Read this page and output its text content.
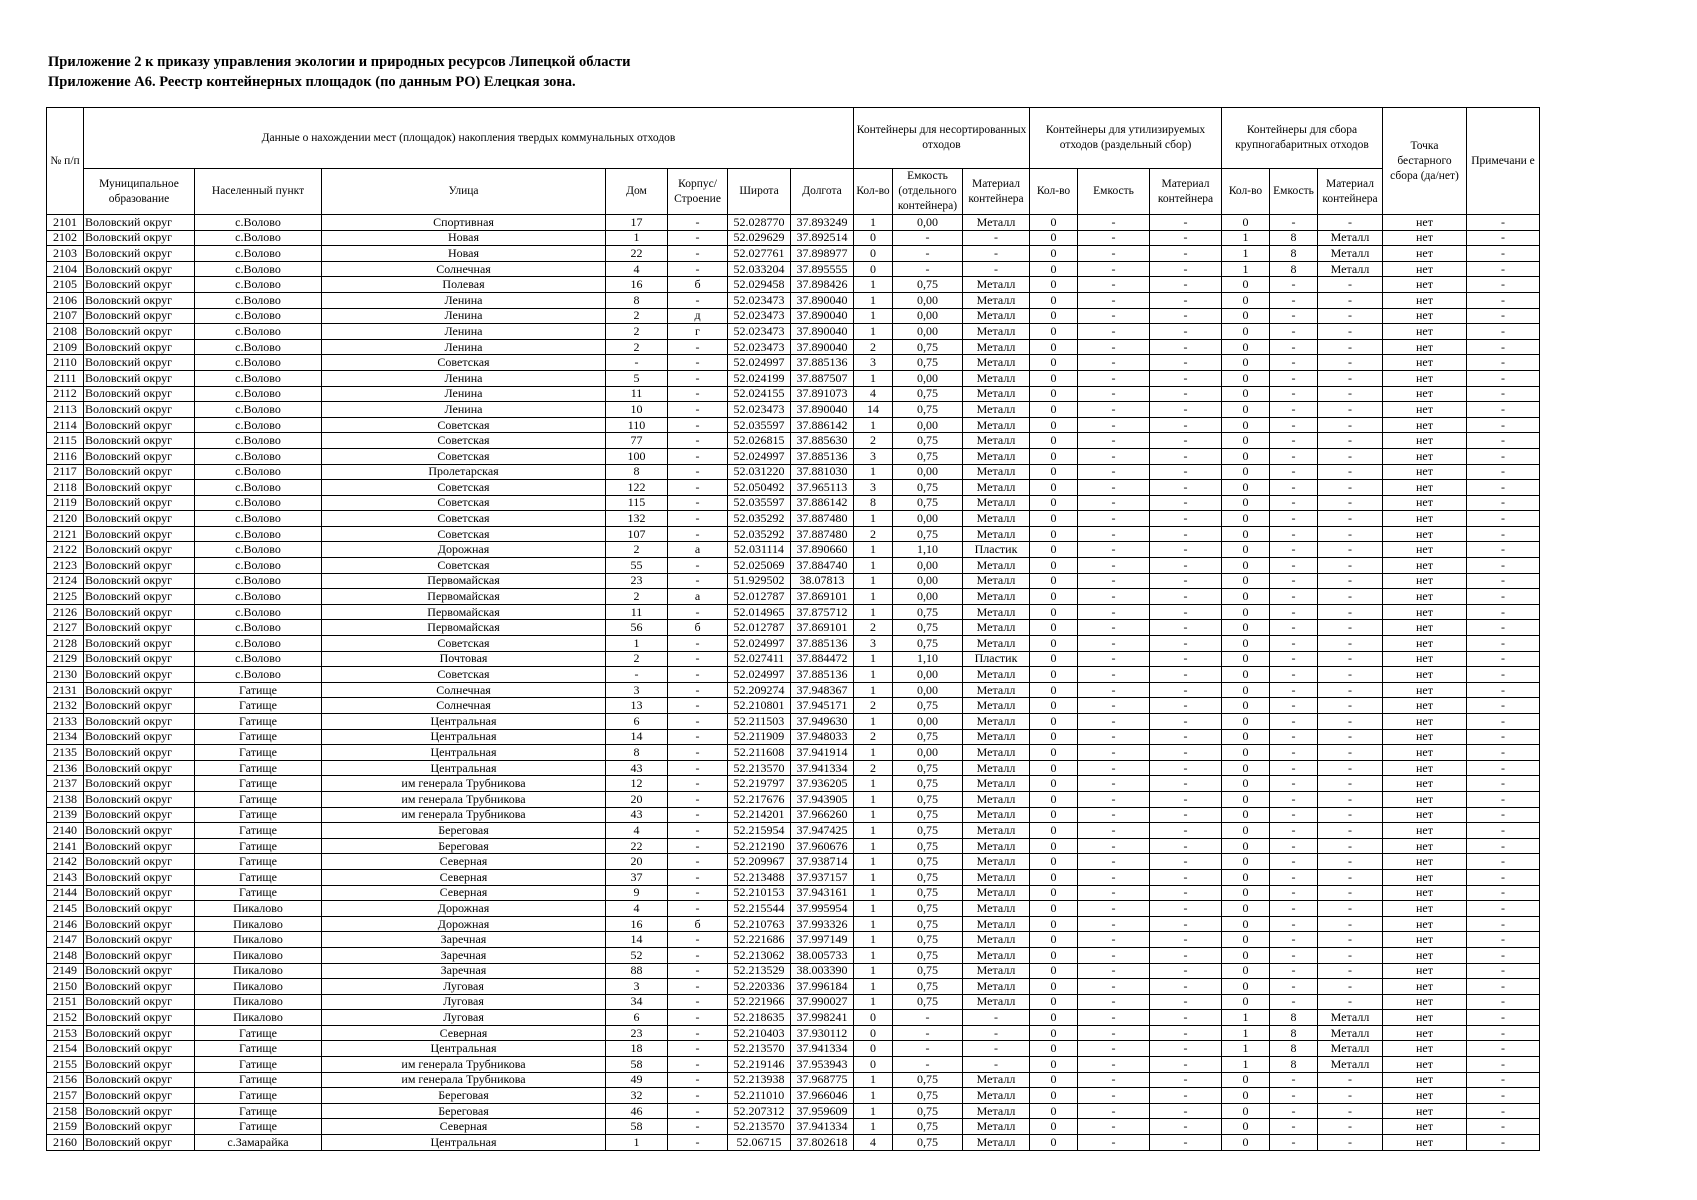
Приложение 2 к приказу управления экологии и природных ресурсов Липецкой области
Приложение А6. Реестр контейнерных площадок (по данным РО) Елецкая зона.
№ п/п	Данные о нахождении мест (площадок) накопления твердых коммунальных отходов							Контейнеры для несортированных отходов			Контейнеры для утилизируемых отходов (раздельный сбор)			Контейнеры для сбора крупногабаритных отходов			Точка бестарного сбора (да/нет)	Примечани е
	Муниципальное образование	Населенный пункт	Улица	Дом	Корпус/ Строение	Широта	Долгота	Кол-во	Емкость (отдельного контейнера)	Материал контейнера	Кол-во	Емкость	Материал контейнера	Кол-во	Емкость	Материал контейнера		
2101	Воловский округ	с.Волово	Спортивная	17	-	52.028770	37.893249	1	0,00	Металл	0	-	-	0	-	-	нет	-
2102	Воловский округ	с.Волово	Новая	1	-	52.029629	37.892514	0	-	-	0	-	-	1	8	Металл	нет	-
2103	Воловский округ	с.Волово	Новая	22	-	52.027761	37.898977	0	-	-	0	-	-	1	8	Металл	нет	-
2104	Воловский округ	с.Волово	Солнечная	4	-	52.033204	37.895555	0	-	-	0	-	-	1	8	Металл	нет	-
2105	Воловский округ	с.Волово	Полевая	16	б	52.029458	37.898426	1	0,75	Металл	0	-	-	0	-	-	нет	-
2106	Воловский округ	с.Волово	Ленина	8	-	52.023473	37.890040	1	0,00	Металл	0	-	-	0	-	-	нет	-
2107	Воловский округ	с.Волово	Ленина	2	д	52.023473	37.890040	1	0,00	Металл	0	-	-	0	-	-	нет	-
2108	Воловский округ	с.Волово	Ленина	2	г	52.023473	37.890040	1	0,00	Металл	0	-	-	0	-	-	нет	-
2109	Воловский округ	с.Волово	Ленина	2	-	52.023473	37.890040	2	0,75	Металл	0	-	-	0	-	-	нет	-
2110	Воловский округ	с.Волово	Советская	-	-	52.024997	37.885136	3	0,75	Металл	0	-	-	0	-	-	нет	-
2111	Воловский округ	с.Волово	Ленина	5	-	52.024199	37.887507	1	0,00	Металл	0	-	-	0	-	-	нет	-
2112	Воловский округ	с.Волово	Ленина	11	-	52.024155	37.891073	4	0,75	Металл	0	-	-	0	-	-	нет	-
2113	Воловский округ	с.Волово	Ленина	10	-	52.023473	37.890040	14	0,75	Металл	0	-	-	0	-	-	нет	-
2114	Воловский округ	с.Волово	Советская	110	-	52.035597	37.886142	1	0,00	Металл	0	-	-	0	-	-	нет	-
2115	Воловский округ	с.Волово	Советская	77	-	52.026815	37.885630	2	0,75	Металл	0	-	-	0	-	-	нет	-
2116	Воловский округ	с.Волово	Советская	100	-	52.024997	37.885136	3	0,75	Металл	0	-	-	0	-	-	нет	-
2117	Воловский округ	с.Волово	Пролетарская	8	-	52.031220	37.881030	1	0,00	Металл	0	-	-	0	-	-	нет	-
2118	Воловский округ	с.Волово	Советская	122	-	52.050492	37.965113	3	0,75	Металл	0	-	-	0	-	-	нет	-
2119	Воловский округ	с.Волово	Советская	115	-	52.035597	37.886142	8	0,75	Металл	0	-	-	0	-	-	нет	-
2120	Воловский округ	с.Волово	Советская	132	-	52.035292	37.887480	1	0,00	Металл	0	-	-	0	-	-	нет	-
2121	Воловский округ	с.Волово	Советская	107	-	52.035292	37.887480	2	0,75	Металл	0	-	-	0	-	-	нет	-
2122	Воловский округ	с.Волово	Дорожная	2	а	52.031114	37.890660	1	1,10	Пластик	0	-	-	0	-	-	нет	-
2123	Воловский округ	с.Волово	Советская	55	-	52.025069	37.884740	1	0,00	Металл	0	-	-	0	-	-	нет	-
2124	Воловский округ	с.Волово	Первомайская	23	-	51.929502	38.07813	1	0,00	Металл	0	-	-	0	-	-	нет	-
2125	Воловский округ	с.Волово	Первомайская	2	а	52.012787	37.869101	1	0,00	Металл	0	-	-	0	-	-	нет	-
2126	Воловский округ	с.Волово	Первомайская	11	-	52.014965	37.875712	1	0,75	Металл	0	-	-	0	-	-	нет	-
2127	Воловский округ	с.Волово	Первомайская	56	б	52.012787	37.869101	2	0,75	Металл	0	-	-	0	-	-	нет	-
2128	Воловский округ	с.Волово	Советская	1	-	52.024997	37.885136	3	0,75	Металл	0	-	-	0	-	-	нет	-
2129	Воловский округ	с.Волово	Почтовая	2	-	52.027411	37.884472	1	1,10	Пластик	0	-	-	0	-	-	нет	-
2130	Воловский округ	с.Волово	Советская	-	-	52.024997	37.885136	1	0,00	Металл	0	-	-	0	-	-	нет	-
2131	Воловский округ	Гатище	Солнечная	3	-	52.209274	37.948367	1	0,00	Металл	0	-	-	0	-	-	нет	-
2132	Воловский округ	Гатище	Солнечная	13	-	52.210801	37.945171	2	0,75	Металл	0	-	-	0	-	-	нет	-
2133	Воловский округ	Гатище	Центральная	6	-	52.211503	37.949630	1	0,00	Металл	0	-	-	0	-	-	нет	-
2134	Воловский округ	Гатище	Центральная	14	-	52.211909	37.948033	2	0,75	Металл	0	-	-	0	-	-	нет	-
2135	Воловский округ	Гатище	Центральная	8	-	52.211608	37.941914	1	0,00	Металл	0	-	-	0	-	-	нет	-
2136	Воловский округ	Гатище	Центральная	43	-	52.213570	37.941334	2	0,75	Металл	0	-	-	0	-	-	нет	-
2137	Воловский округ	Гатище	им генерала Трубникова	12	-	52.219797	37.936205	1	0,75	Металл	0	-	-	0	-	-	нет	-
2138	Воловский округ	Гатище	им генерала Трубникова	20	-	52.217676	37.943905	1	0,75	Металл	0	-	-	0	-	-	нет	-
2139	Воловский округ	Гатище	им генерала Трубникова	43	-	52.214201	37.966260	1	0,75	Металл	0	-	-	0	-	-	нет	-
2140	Воловский округ	Гатище	Береговая	4	-	52.215954	37.947425	1	0,75	Металл	0	-	-	0	-	-	нет	-
2141	Воловский округ	Гатище	Береговая	22	-	52.212190	37.960676	1	0,75	Металл	0	-	-	0	-	-	нет	-
2142	Воловский округ	Гатище	Северная	20	-	52.209967	37.938714	1	0,75	Металл	0	-	-	0	-	-	нет	-
2143	Воловский округ	Гатище	Северная	37	-	52.213488	37.937157	1	0,75	Металл	0	-	-	0	-	-	нет	-
2144	Воловский округ	Гатище	Северная	9	-	52.210153	37.943161	1	0,75	Металл	0	-	-	0	-	-	нет	-
2145	Воловский округ	Пикалово	Дорожная	4	-	52.215544	37.995954	1	0,75	Металл	0	-	-	0	-	-	нет	-
2146	Воловский округ	Пикалово	Дорожная	16	б	52.210763	37.993326	1	0,75	Металл	0	-	-	0	-	-	нет	-
2147	Воловский округ	Пикалово	Заречная	14	-	52.221686	37.997149	1	0,75	Металл	0	-	-	0	-	-	нет	-
2148	Воловский округ	Пикалово	Заречная	52	-	52.213062	38.005733	1	0,75	Металл	0	-	-	0	-	-	нет	-
2149	Воловский округ	Пикалово	Заречная	88	-	52.213529	38.003390	1	0,75	Металл	0	-	-	0	-	-	нет	-
2150	Воловский округ	Пикалово	Луговая	3	-	52.220336	37.996184	1	0,75	Металл	0	-	-	0	-	-	нет	-
2151	Воловский округ	Пикалово	Луговая	34	-	52.221966	37.990027	1	0,75	Металл	0	-	-	0	-	-	нет	-
2152	Воловский округ	Пикалово	Луговая	6	-	52.218635	37.998241	0	-	-	0	-	-	1	8	Металл	нет	-
2153	Воловский округ	Гатище	Северная	23	-	52.210403	37.930112	0	-	-	0	-	-	1	8	Металл	нет	-
2154	Воловский округ	Гатище	Центральная	18	-	52.213570	37.941334	0	-	-	0	-	-	1	8	Металл	нет	-
2155	Воловский округ	Гатище	им генерала Трубникова	58	-	52.219146	37.953943	0	-	-	0	-	-	1	8	Металл	нет	-
2156	Воловский округ	Гатище	им генерала Трубникова	49	-	52.213938	37.968775	1	0,75	Металл	0	-	-	0	-	-	нет	-
2157	Воловский округ	Гатище	Береговая	32	-	52.211010	37.966046	1	0,75	Металл	0	-	-	0	-	-	нет	-
2158	Воловский округ	Гатище	Береговая	46	-	52.207312	37.959609	1	0,75	Металл	0	-	-	0	-	-	нет	-
2159	Воловский округ	Гатище	Северная	58	-	52.213570	37.941334	1	0,75	Металл	0	-	-	0	-	-	нет	-
2160	Воловский округ	с.Замарайка	Центральная	1	-	52.06715	37.802618	4	0,75	Металл	0	-	-	0	-	-	нет	-
